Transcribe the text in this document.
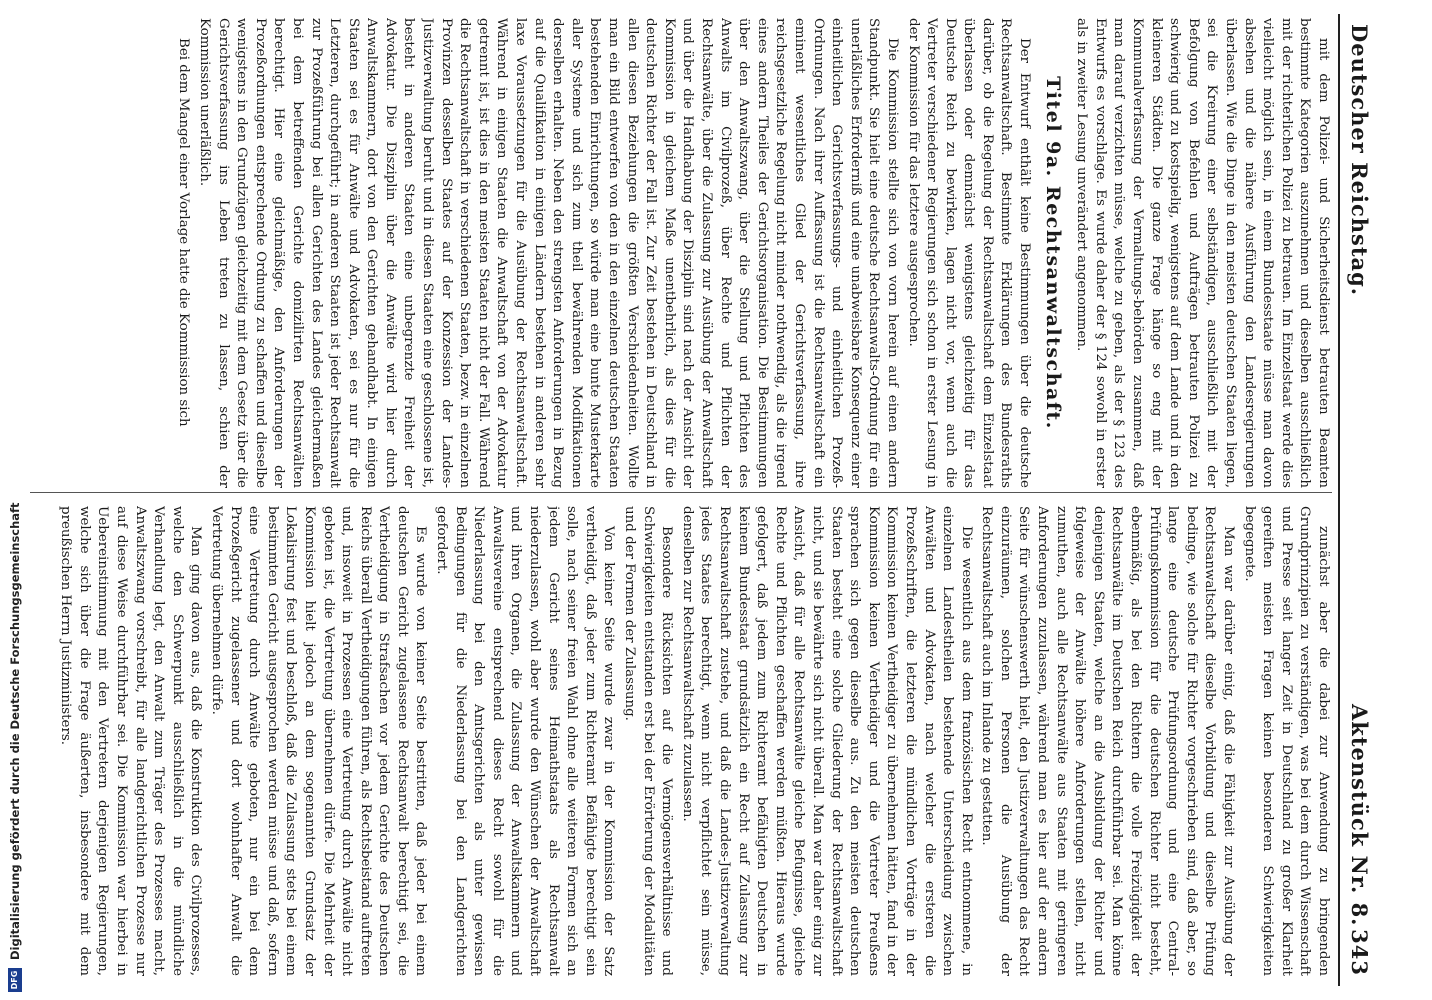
Deutscher Reichstag.
Aktenstück Nr. 8.
343

mit dem Polizei- und Sicherheitsdienst betrauten Beamten bestimmte Kategorien auszunehmen und dieselben ausschließlich mit der richterlichen Polizei zu betrauen. Im Einzelstaat werde dies vielleicht möglich sein, in einem Bundesstaate müsse man davon absehen und die nähere Ausführung den Landesregierungen überlassen. Wie die Dinge in den meisten deutschen Staaten liegen, sei die Kreirung einer selbständigen, ausschließlich mit der Befolgung von Befehlen und Aufträgen betrauten Polizei zu schwierig und zu kostspielig, wenigstens auf dem Lande und in den kleineren Städten. Die ganze Frage hänge so eng mit der Kommunalverfassung der Vermaltungs-behörden zusammen, daß man darauf verzichten müsse, welche zu geben, als der § 123 des Entwurfs es vorschlage. Es wurde daher der § 124 sowohl in erster als in zweiter Lesung unverändert angenommen.

Titel 9a. Rechtsanwaltschaft.

Der Entwurf enthält keine Bestimmungen über die deutsche Rechtsanwaltschaft. Bestimmte Erklärungen des Bundesraths darüber, ob die Regelung der Rechtsanwaltschaft dem Einzelstaat überlassen oder demnächst wenigstens gleichzeitig für das Deutsche Reich zu bewirken, lagen nicht vor, wenn auch die Vertreter verschiedener Regierungen sich schon in erster Lesung in der Kommission für das letztere ausgesprochen.

Die Kommission stellte sich von vorn herein auf einen andern Standpunkt. Sie hielt eine deutsche Rechtsanwalts-Ordnung für ein unerläßliches Erforderniß und eine unabweisbare Konsequenz einer einheitlichen Gerichtsverfassungs- und einheitlichen Prozeß-Ordnungen. Nach ihrer Auffassung ist die Rechtsanwaltschaft ein eminent wesentliches Glied der Gerichtsverfassung, ihre reichsgesetzliche Regelung nicht minder nothwendig, als die irgend eines andern Theiles der Gerichtsorganisation. Die Bestimmungen über den Anwaltszwang, über die Stellung und Pflichten des Anwalts im Civilprozeß, über Rechte und Pflichten der Rechtsanwälte, über die Zulassung zur Ausübung der Anwaltschaft und über die Handhabung der Disziplin sind nach der Ansicht der Kommission in gleichem Maße unentbehrlich, als dies für die deutschen Richter der Fall ist. Zur Zeit bestehen in Deutschland in allen diesen Beziehungen die größten Verschiedenheiten. Wollte man ein Bild entwerfen von den in den einzelnen deutschen Staaten bestehenden Einrichtungen, so würde man eine bunte Musterkarte aller Systeme und sich zum theil bewährenden Modifikationen derselben erhalten. Neben den strengsten Anforderungen in Bezug auf die Qualifikation in einigen Ländern bestehen in anderen sehr laxe Voraussetzungen für die Ausübung der Rechtsanwaltschaft. Während in einigen Staaten die Anwaltschaft von der Advokatur getrennt ist, ist dies in den meisten Staaten nicht der Fall. Während die Rechtsanwaltschaft in verschiedenen Staaten, bezw. in einzelnen Provinzen desselben Staates auf der Konzession der Landes-Justizverwaltung beruht und in diesen Staaten eine geschlossene ist, besteht in anderen Staaten eine unbegrenzte Freiheit der Advokatur. Die Disziplin über die Anwälte wird hier durch Anwaltskammern, dort von den Gerichten gehandhabt. In einigen Staaten sei es für Anwälte und Advokaten, sei es nur für die Letzteren, durchgeführt; in anderen Staaten ist jeder Rechtsanwalt zur Prozeßführung bei allen Gerichten des Landes gleichermaßen bei dem betreffenden Gerichte domizilirten Rechtsanwälten berechtigt. Hier eine gleichmäßige, den Anforderungen der Prozeßordnungen entsprechende Ordnung zu schaffen und dieselbe wenigstens in den Grundzügen gleichzeitig mit dem Gesetz über die Gerichtsverfassung ins Leben treten zu lassen, schien der Kommission unerläßlich.

Bei dem Mangel einer Vorlage hatte die Kommission sich

zunächst aber die dabei zur Anwendung zu bringenden Grundprinzipien zu verständigen, was bei dem durch Wissenschaft und Presse seit langer Zeit in Deutschland zu großer Klarheit gereiften meisten Fragen keinen besonderen Schwierigkeiten begegnete.

Man war darüber einig, daß die Fähigkeit zur Ausübung der Rechtsanwaltschaft dieselbe Vorbildung und dieselbe Prüfung bedinge, wie solche für Richter vorgeschrieben sind, daß aber, so lange eine deutsche Prüfungsordnung und eine Central-Prüfungskommission für die deutschen Richter nicht besteht, ebenmäßig, als bei den Richtern die volle Freizügigkeit der Rechtsanwälte im Deutschen Reich durchführbar sei. Man könne denjenigen Staaten, welche an die Ausbildung der Richter und folgeweise der Anwälte höhere Anforderungen stellen, nicht zumuthen, auch alle Rechtsanwälte aus Staaten mit geringeren Anforderungen zuzulassen, während man es hier auf der andern Seite für wünschenswerth hielt, den Justizverwaltungen das Recht einzuräumen, solchen Personen die Ausübung der Rechtsanwaltschaft auch im Inlande zu gestatten.

Die wesentlich aus dem französischen Recht entnommene, in einzelnen Landestheilen bestehende Unterscheidung zwischen Anwälten und Advokaten, nach welcher die ersteren die Prozeßschriften, die letzteren die mündlichen Vorträge in der Kommission keinen Vertheidiger zu übernehmen hätten, fand in der Kommission keinen Vertheidiger und die Vertreter Preußens sprachen sich gegen dieselbe aus. Zu den meisten deutschen Staaten besteht eine solche Gliederung der Rechtsanwaltschaft nicht, und sie bewährte sich nicht überall. Man war daher einig zur Ansicht, daß für alle Rechtsanwälte gleiche Befugnisse, gleiche Rechte und Pflichten geschaffen werden müßten. Hieraus wurde gefolgert, daß jedem zum Richteramt befähigten Deutschen in keinem Bundesstaat grundsätzlich ein Recht auf Zulassung zur Rechtsanwaltschaft zustehe, und daß die Landes-Justizverwaltung jedes Staates berechtigt, wenn nicht verpflichtet sein müsse, denselben zur Rechtsanwaltschaft zuzulassen.

Besondere Rücksichten auf die Vermögensverhältnisse und Schwierigkeiten entstanden erst bei der Erörterung der Modalitäten und der Formen der Zulassung.

Von keiner Seite wurde zwar in der Kommission der Satz vertheidigt, daß jeder zum Richteramt Befähigte berechtigt sein solle, nach seiner freien Wahl ohne alle weiteren Formen sich an jedem Gericht seines Heimathstaats als Rechtsanwalt niederzulassen, wohl aber wurde den Wünschen der Anwaltschaft und ihren Organen, die Zulassung der Anwaltskammern und Anwaltsvereine entsprechend dieses Recht sowohl für die Niederlassung bei den Amtsgerichten als unter gewissen Bedingungen für die Niederlassung bei den Landgerichten gefordert.

Es wurde von keiner Seite bestritten, daß jeder bei einem deutschen Gericht zugelassene Rechtsanwalt berechtigt sei, die Vertheidigung in Strafsachen vor jedem Gerichte des Deutschen Reichs überall Vertheidigungen führen, als Rechtsbeistand auftreten und, insoweit in Prozessen eine Vertretung durch Anwälte nicht geboten ist, die Vertretung übernehmen dürfe. Die Mehrheit der Kommission hielt jedoch an dem sogenannten Grundsatz der Lokalisirung fest und beschloß, daß die Zulassung stets bei einem bestimmten Gericht ausgesprochen werden müsse und daß, sofern eine Vertretung durch Anwälte geboten, nur ein bei dem Prozeßgericht zugelassener und dort wohnhafter Anwalt die Vertretung übernehmen dürfe.

Man ging davon aus, daß die Konstruktion des Civilprozesses, welche den Schwerpunkt ausschließlich in die mündliche Verhandlung legt, den Anwalt zum Träger des Prozesses macht, Anwaltszwang vorschreibt, für alle landgerichtlichen Prozesse nur auf diese Weise durchführbar sei. Die Kommission war hierbei in Uebereinstimmung mit den Vertretern derjenigen Regierungen, welche sich über die Frage äußerten, insbesondere mit dem preußischen Herrn Justizministers.

DFG
Digitalisierung gefördert durch die Deutsche Forschungsgemeinschaft
